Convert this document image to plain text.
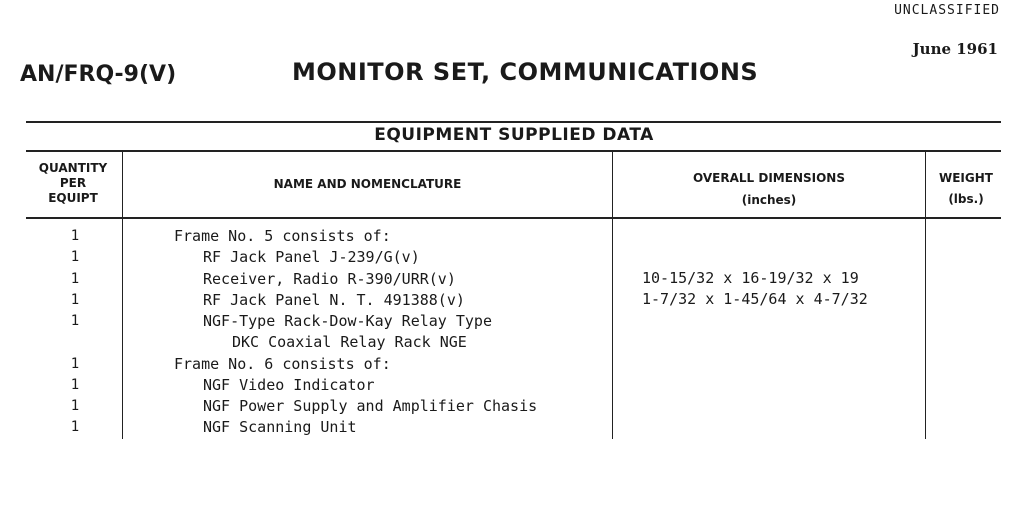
UNCLASSIFIED
June 1961
AN/FRQ-9(V)	MONITOR SET, COMMUNICATIONS
EQUIPMENT SUPPLIED DATA
QUANTITY
PER
EQUIPT
NAME AND NOMENCLATURE	OVERALL DIMENSIONS
(inches)
WEIGHT
(lbs.)
1
1
1
1
1
1
1
1
1
Frame No. 5 consists of:
RF Jack Panel J-239/G(v)
Receiver, Radio R-390/URR(v)
RF Jack Panel N. T. 491388(v)
NGF-Type Rack-Dow-Kay Relay Type
DKC Coaxial Relay Rack NGE
Frame No. 6 consists of:
NGF Video Indicator
NGF Power Supply and Amplifier Chasis
NGF Scanning Unit
10-15/32 x 16-19/32 x 19
1-7/32 x 1-45/64 x 4-7/32
